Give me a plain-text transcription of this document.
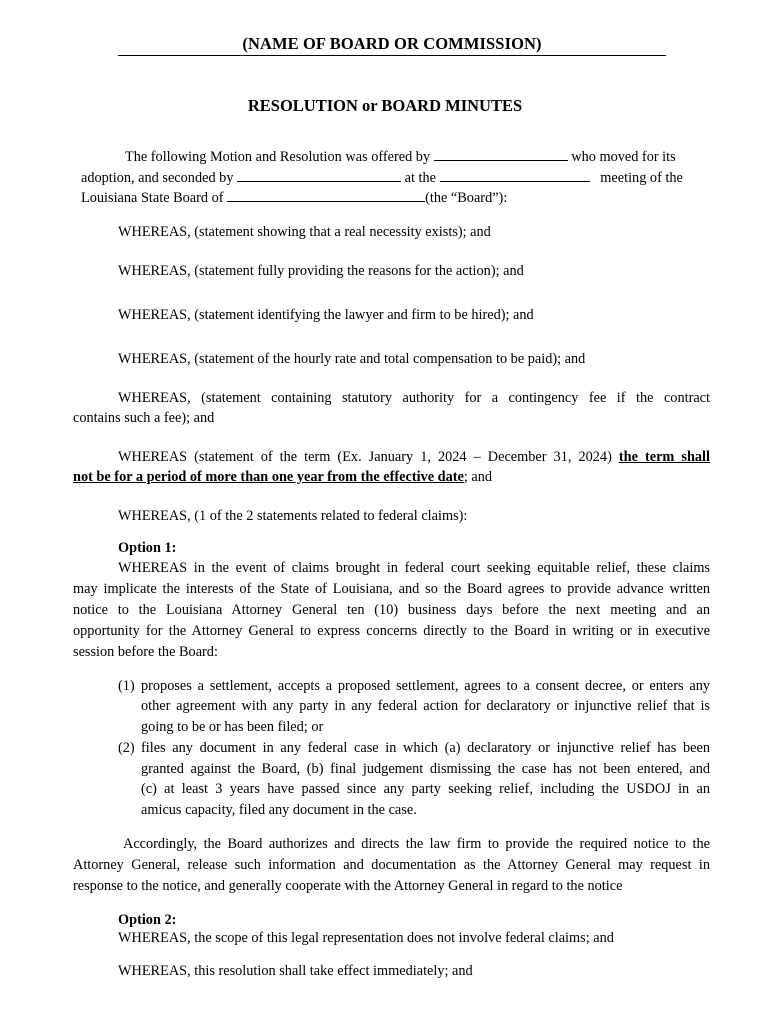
(NAME OF BOARD OR COMMISSION)
RESOLUTION or BOARD MINUTES
The following Motion and Resolution was offered by	who moved for its
adoption, and seconded by	at the	meeting of the
Louisiana State Board of	(the “Board”):
WHEREAS, (statement showing that a real necessity exists); and
WHEREAS, (statement fully providing the reasons for the action); and
WHEREAS, (statement identifying the lawyer and firm to be hired); and
WHEREAS, (statement of the hourly rate and total compensation to be paid); and
WHEREAS, (statement containing statutory authority for a contingency fee if the contract
contains such a fee); and
WHEREAS (statement of the term (Ex. January 1, 2024 – December 31, 2024) the term shall
not be for a period of more than one year from the effective date; and
WHEREAS, (1 of the 2 statements related to federal claims):
Option 1:
WHEREAS in the event of claims brought in federal court seeking equitable relief, these claims
may implicate the interests of the State of Louisiana, and so the Board agrees to provide advance written
notice to the Louisiana Attorney General ten (10) business days before the next meeting and an
opportunity for the Attorney General to express concerns directly to the Board in writing or in executive
session before the Board:
(1) proposes a settlement, accepts a proposed settlement, agrees to a consent decree, or enters any
other agreement with any party in any federal action for declaratory or injunctive relief that is
going to be or has been filed; or
(2) files any document in any federal case in which (a) declaratory or injunctive relief has been
granted against the Board, (b) final judgement dismissing the case has not been entered, and
(c) at least 3 years have passed since any party seeking relief, including the USDOJ in an
amicus capacity, filed any document in the case.
Accordingly, the Board authorizes and directs the law firm to provide the required notice to the
Attorney General, release such information and documentation as the Attorney General may request in
response to the notice, and generally cooperate with the Attorney General in regard to the notice
Option 2:
WHEREAS, the scope of this legal representation does not involve federal claims; and
WHEREAS, this resolution shall take effect immediately; and
